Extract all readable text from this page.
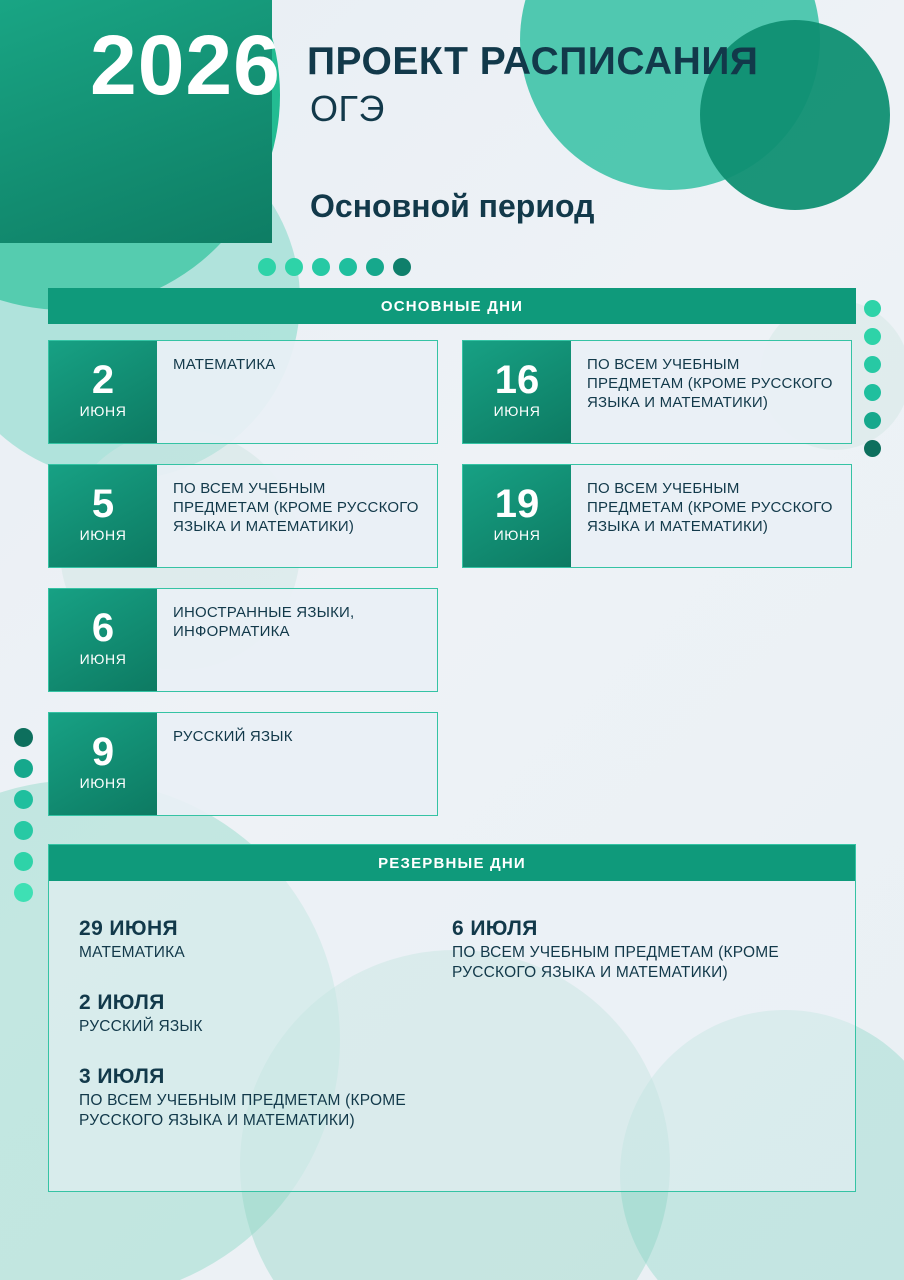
2026 ПРОЕКТ РАСПИСАНИЯ
ОГЭ
Основной период
ОСНОВНЫЕ ДНИ
2
ИЮНЯ
МАТЕМАТИКА
5
ИЮНЯ
ПО ВСЕМ УЧЕБНЫМ ПРЕДМЕТАМ (КРОМЕ РУССКОГО ЯЗЫКА И МАТЕМАТИКИ)
6
ИЮНЯ
ИНОСТРАННЫЕ ЯЗЫКИ, ИНФОРМАТИКА
9
ИЮНЯ
РУССКИЙ ЯЗЫК
16
ИЮНЯ
ПО ВСЕМ УЧЕБНЫМ ПРЕДМЕТАМ (КРОМЕ РУССКОГО ЯЗЫКА И МАТЕМАТИКИ)
19
ИЮНЯ
ПО ВСЕМ УЧЕБНЫМ ПРЕДМЕТАМ (КРОМЕ РУССКОГО ЯЗЫКА И МАТЕМАТИКИ)
РЕЗЕРВНЫЕ ДНИ
29 ИЮНЯ
МАТЕМАТИКА
2 ИЮЛЯ
РУССКИЙ ЯЗЫК
3 ИЮЛЯ
ПО ВСЕМ УЧЕБНЫМ ПРЕДМЕТАМ (КРОМЕ РУССКОГО ЯЗЫКА И МАТЕМАТИКИ)
6 ИЮЛЯ
ПО ВСЕМ УЧЕБНЫМ ПРЕДМЕТАМ (КРОМЕ РУССКОГО ЯЗЫКА И МАТЕМАТИКИ)
